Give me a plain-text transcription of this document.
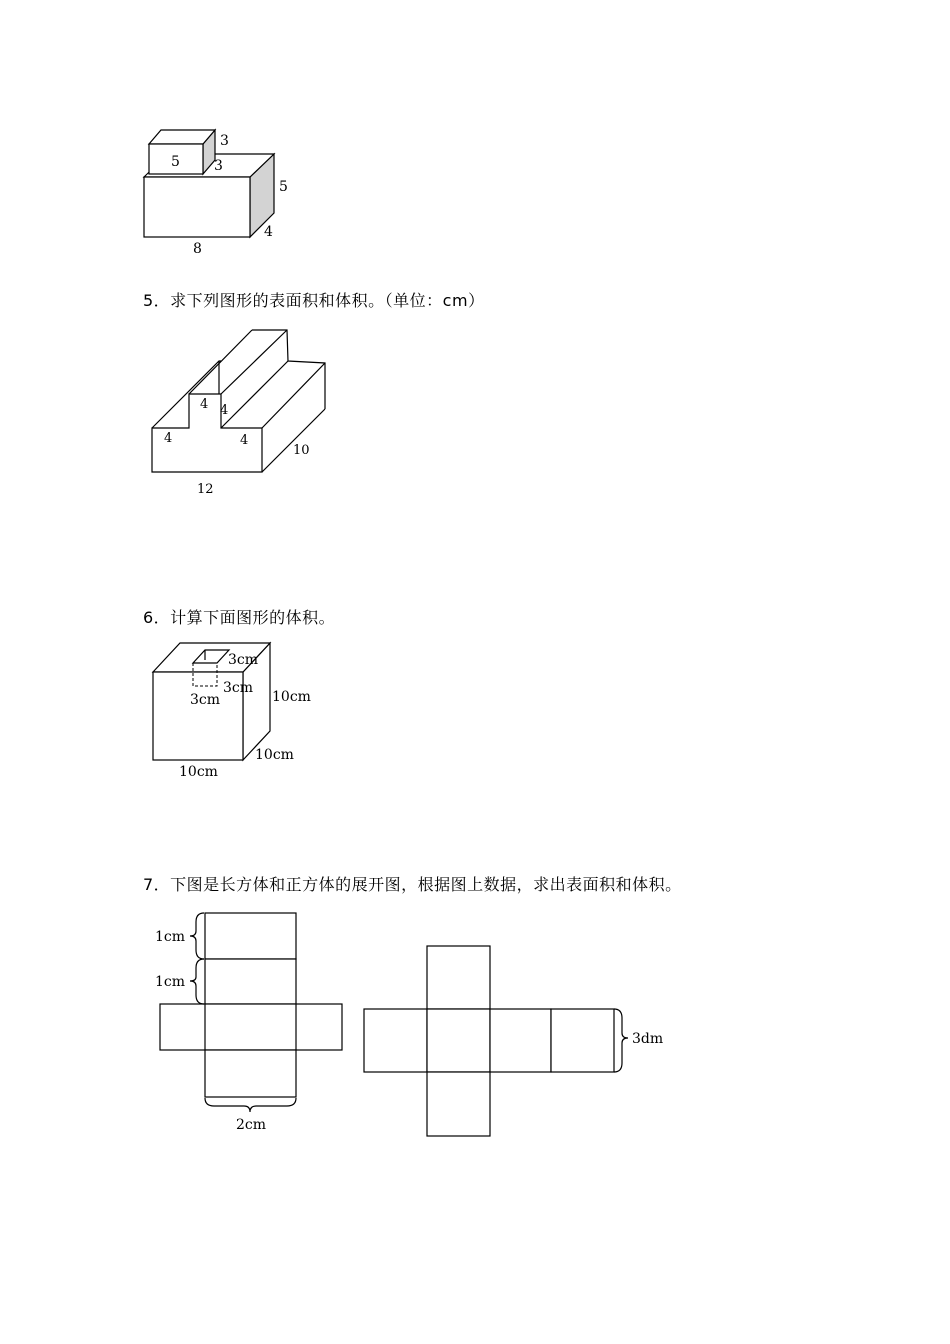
5
3
3
5
4
8
5．求下列图形的表面积和体积。（单位：cm）
4 4
4	4
10
12
6．计算下面图形的体积。
3cm
3cm
3cm	10cm
10cm
10cm
7．下图是长方体和正方体的展开图，根据图上数据，求出表面积和体积。
1cm
1cm
2cm
3dm
